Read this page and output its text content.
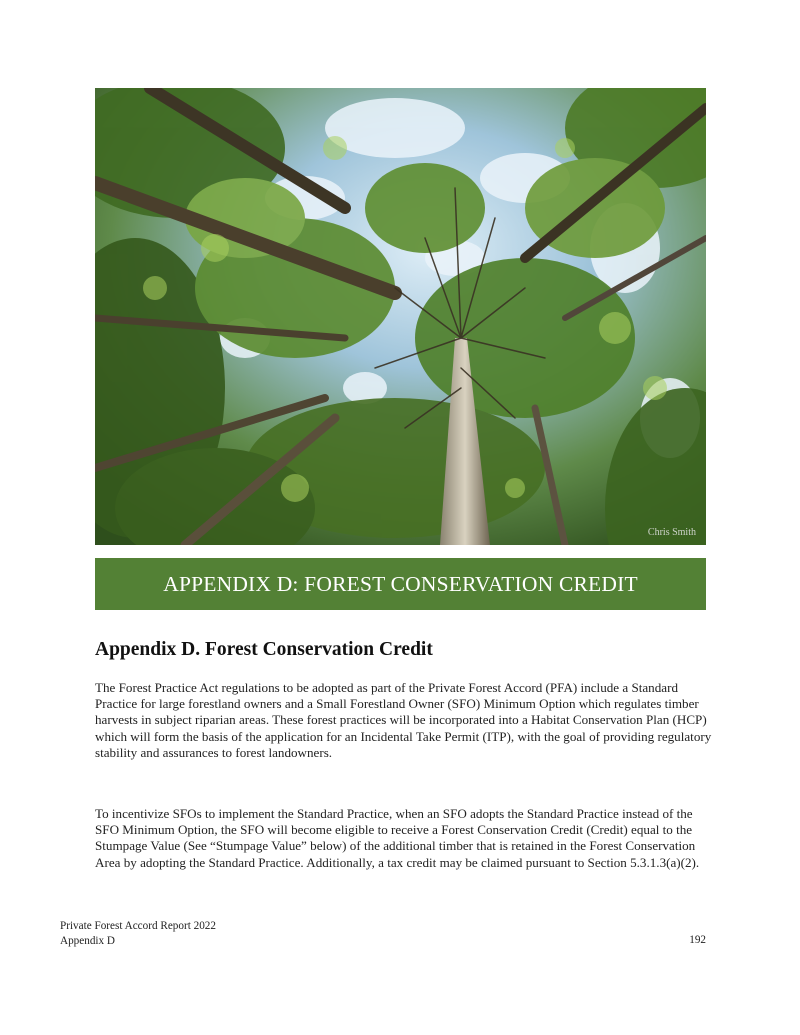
Chris Smith
APPENDIX D: FOREST CONSERVATION CREDIT
Appendix D. Forest Conservation Credit

The Forest Practice Act regulations to be adopted as part of the Private Forest Accord (PFA) include a Standard Practice for large forestland owners and a Small Forestland Owner (SFO) Minimum Option which regulates timber harvests in subject riparian areas. These forest practices will be incorporated into a Habitat Conservation Plan (HCP) which will form the basis of the application for an Incidental Take Permit (ITP), with the goal of providing regulatory stability and assurances to forest landowners.

To incentivize SFOs to implement the Standard Practice, when an SFO adopts the Standard Practice instead of the SFO Minimum Option, the SFO will become eligible to receive a Forest Conservation Credit (Credit) equal to the Stumpage Value (See “Stumpage Value” below) of the additional timber that is retained in the Forest Conservation Area by adopting the Standard Practice. Additionally, a tax credit may be claimed pursuant to Section 5.3.1.3(a)(2).

Private Forest Accord Report 2022
Appendix D	192
